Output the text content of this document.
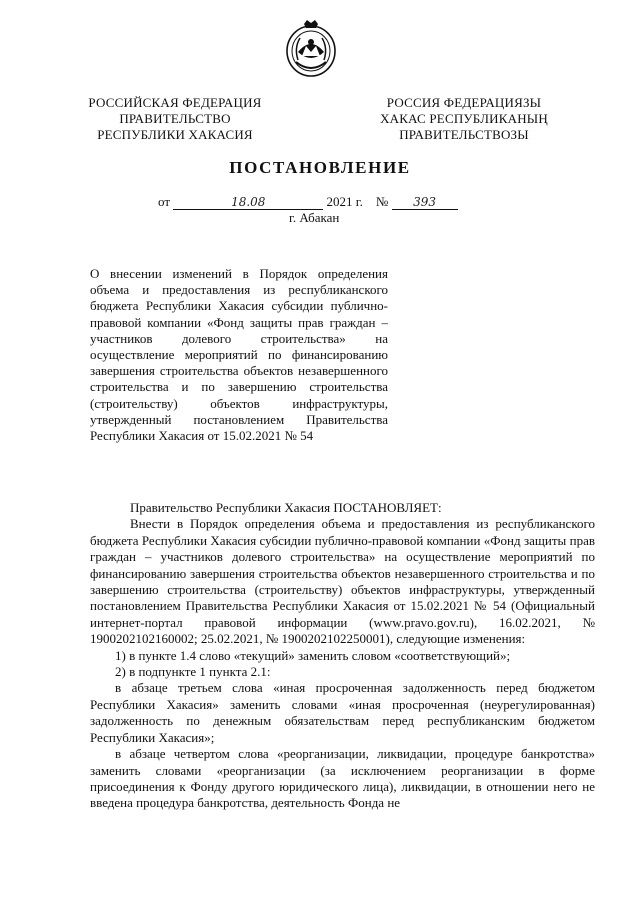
РОССИЙСКАЯ ФЕДЕРАЦИЯ
ПРАВИТЕЛЬСТВО
РЕСПУБЛИКИ ХАКАСИЯ
РОССИЯ ФЕДЕРАЦИЯЗЫ
ХАКАС РЕСПУБЛИКАНЫҢ
ПРАВИТЕЛЬСТВОЗЫ
ПОСТАНОВЛЕНИЕ
от	18.08	2021 г. № 393
г. Абакан
О внесении изменений в Порядок определения объема и предоставления из республиканского бюджета Республики Хакасия субсидии публично-правовой компании «Фонд защиты прав граждан – участников долевого строительства» на осуществление мероприятий по финансированию завершения строительства объектов незавершенного строительства и по завершению строительства (строительству) объектов инфраструктуры, утвержденный постановлением Правительства Республики Хакасия от 15.02.2021 № 54

Правительство Республики Хакасия ПОСТАНОВЛЯЕТ:

Внести в Порядок определения объема и предоставления из республиканского бюджета Республики Хакасия субсидии публично-правовой компании «Фонд защиты прав граждан – участников долевого строительства» на осуществление мероприятий по финансированию завершения строительства объектов незавершенного строительства и по завершению строительства (строительству) объектов инфраструктуры, утвержденный постановлением Правительства Республики Хакасия от 15.02.2021 № 54 (Официальный интернет-портал правовой информации (www.pravo.gov.ru), 16.02.2021, № 1900202102160002; 25.02.2021, № 1900202102250001), следующие изменения:

1) в пункте 1.4 слово «текущий» заменить словом «соответствующий»;

2) в подпункте 1 пункта 2.1:

в абзаце третьем слова «иная просроченная задолженность перед бюджетом Республики Хакасия» заменить словами «иная просроченная (неурегулированная) задолженность по денежным обязательствам перед республиканским бюджетом Республики Хакасия»;

в абзаце четвертом слова «реорганизации, ликвидации, процедуре банкротства» заменить словами «реорганизации (за исключением реорганизации в форме присоединения к Фонду другого юридического лица), ликвидации, в отношении него не введена процедура банкротства, деятельность Фонда не
